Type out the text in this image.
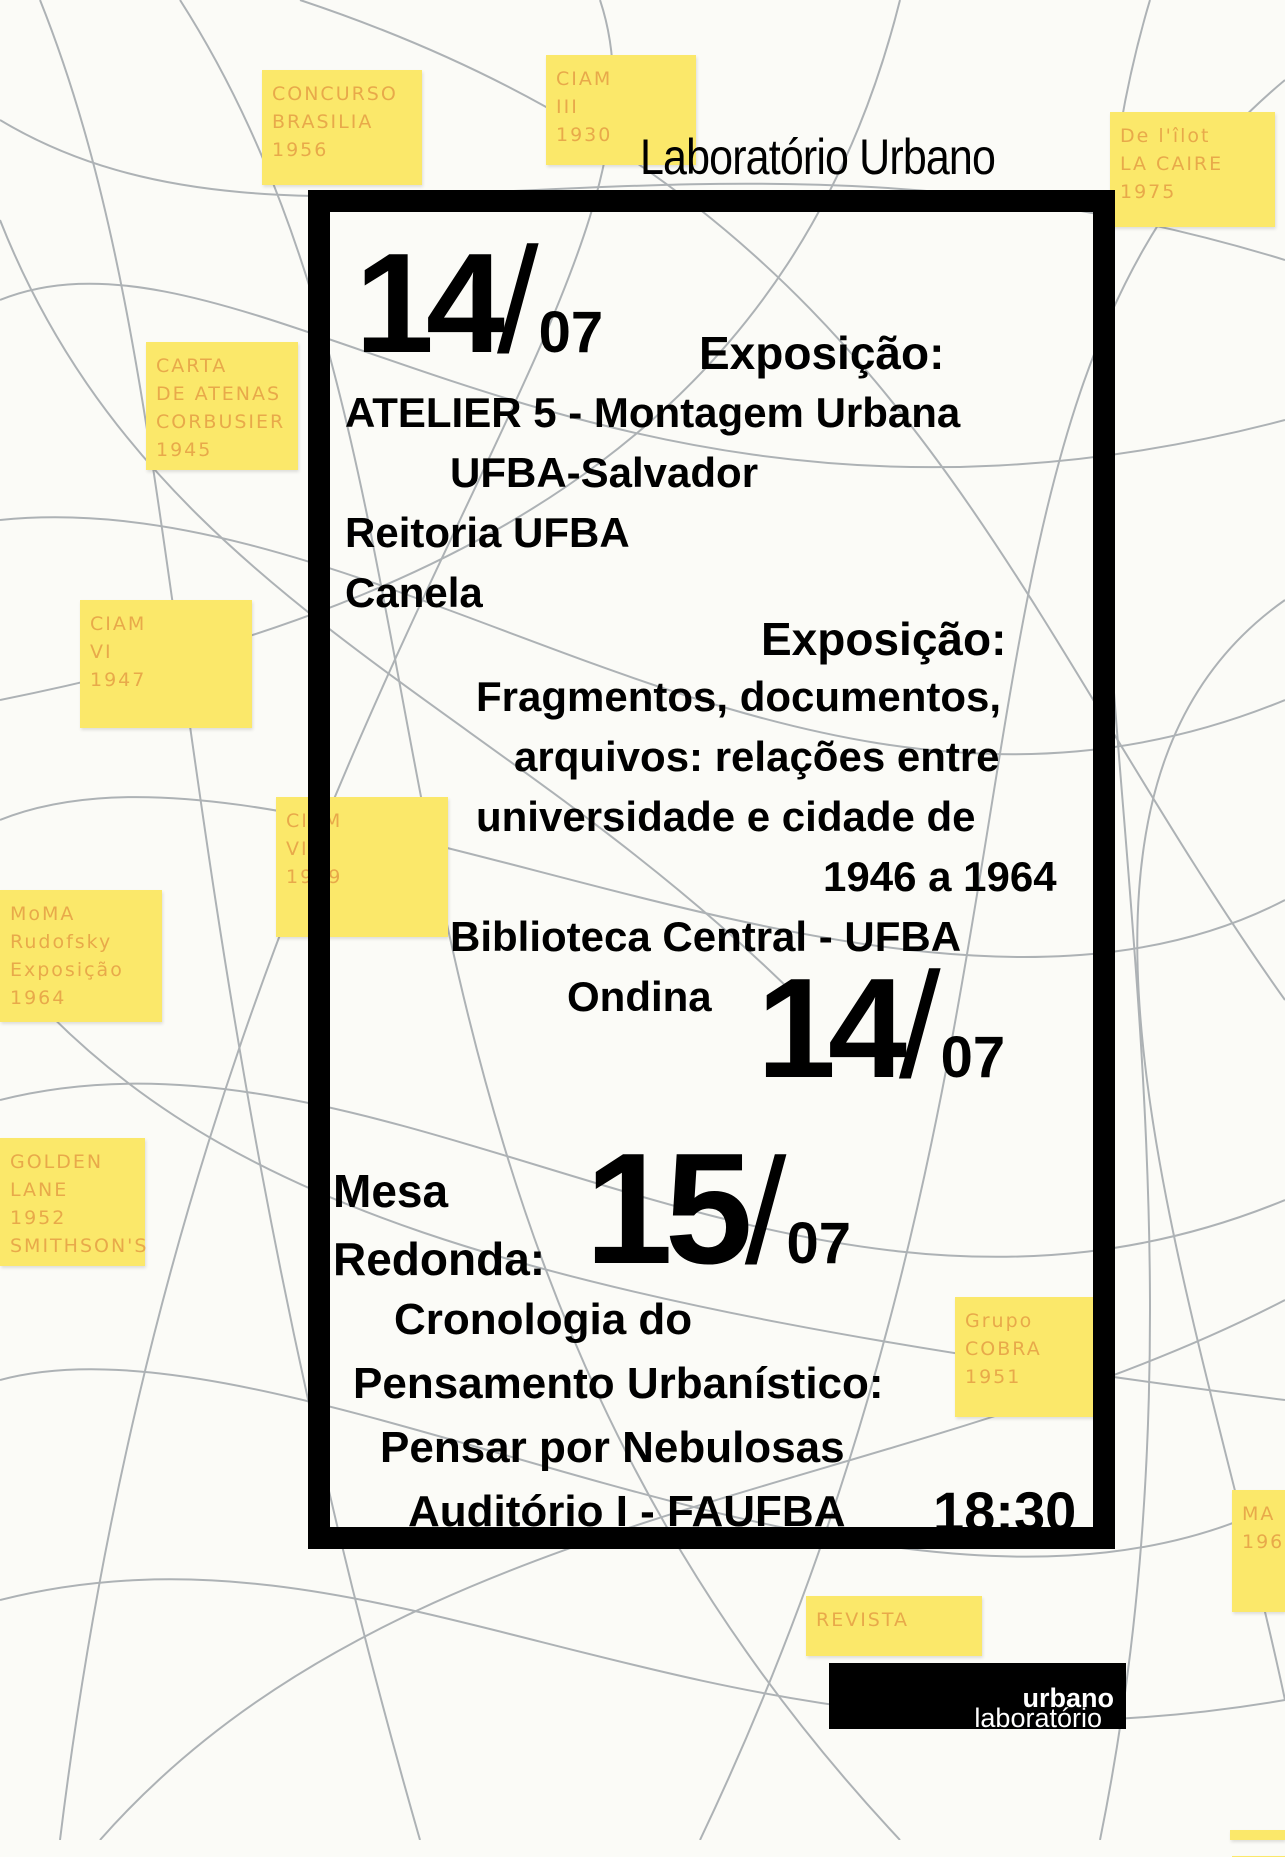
CONCURSO
BRASILIA
1956
CIAM
III
1930	De l'îlot
LA CAIRE
1975
CARTA
DE ATENAS
CORBUSIER
1945
CIAM
VI
1947
CIAM
VII
1949
MoMA
Rudofsky
Exposição
1964
GOLDEN
LANE
1952
SMITHSON'S
Grupo
COBRA
1951
REVISTA
MA
196
Laboratório Urbano
14/07 Exposição:
ATELIER 5 - Montagem Urbana
UFBA-Salvador
Reitoria UFBA
Canela
Exposição:
Fragmentos, documentos,
arquivos: relações entre
universidade e cidade de
1946 a 1964
Biblioteca Central - UFBA
Ondina 14/07
Mesa
Redonda: 15/07
Cronologia do
Pensamento Urbanístico:
Pensar por Nebulosas
Auditório I - FAUFBA 18:30
laboratório
urbano
